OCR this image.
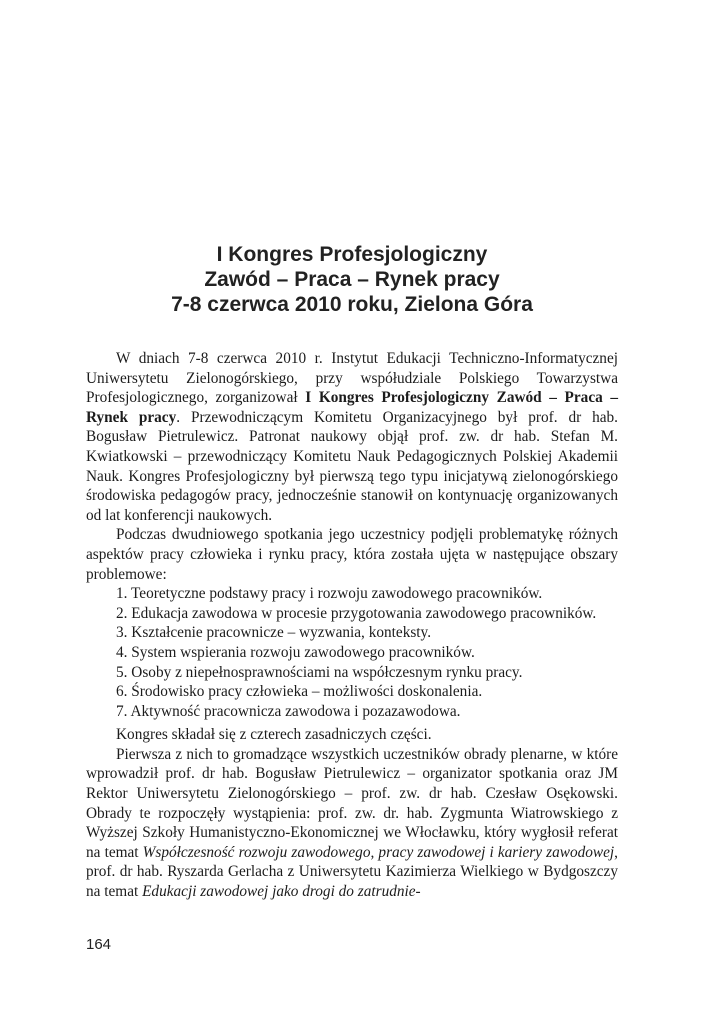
I Kongres Profesjologiczny
Zawód – Praca – Rynek pracy
7-8 czerwca 2010 roku, Zielona Góra
W dniach 7-8 czerwca 2010 r. Instytut Edukacji Techniczno-Informatycznej Uniwersytetu Zielonogórskiego, przy współudziale Polskiego Towarzystwa Profesjologicznego, zorganizował I Kongres Profesjologiczny Zawód – Praca – Rynek pracy. Przewodniczącym Komitetu Organizacyjnego był prof. dr hab. Bogusław Pietrulewicz. Patronat naukowy objął prof. zw. dr hab. Stefan M. Kwiatkowski – przewodniczący Komitetu Nauk Pedagogicznych Polskiej Akademii Nauk. Kongres Profesjologiczny był pierwszą tego typu inicjatywą zielonogórskiego środowiska pedagogów pracy, jednocześnie stanowił on kontynuację organizowanych od lat konferencji naukowych.
Podczas dwudniowego spotkania jego uczestnicy podjęli problematykę różnych aspektów pracy człowieka i rynku pracy, która została ujęta w następujące obszary problemowe:
1. Teoretyczne podstawy pracy i rozwoju zawodowego pracowników.
2. Edukacja zawodowa w procesie przygotowania zawodowego pracowników.
3. Kształcenie pracownicze – wyzwania, konteksty.
4. System wspierania rozwoju zawodowego pracowników.
5. Osoby z niepełnosprawnościami na współczesnym rynku pracy.
6. Środowisko pracy człowieka – możliwości doskonalenia.
7. Aktywność pracownicza zawodowa i pozazawodowa.
Kongres składał się z czterech zasadniczych części.
Pierwsza z nich to gromadzące wszystkich uczestników obrady plenarne, w które wprowadził prof. dr hab. Bogusław Pietrulewicz – organizator spotkania oraz JM Rektor Uniwersytetu Zielonogórskiego – prof. zw. dr hab. Czesław Osękowski. Obrady te rozpoczęły wystąpienia: prof. zw. dr. hab. Zygmunta Wiatrowskiego z Wyższej Szkoły Humanistyczno-Ekonomicznej we Włocławku, który wygłosił referat na temat Współczesność rozwoju zawodowego, pracy zawodowej i kariery zawodowej, prof. dr hab. Ryszarda Gerlacha z Uniwersytetu Kazimierza Wielkiego w Bydgoszczy na temat Edukacji zawodowej jako drogi do zatrudnie-
164
